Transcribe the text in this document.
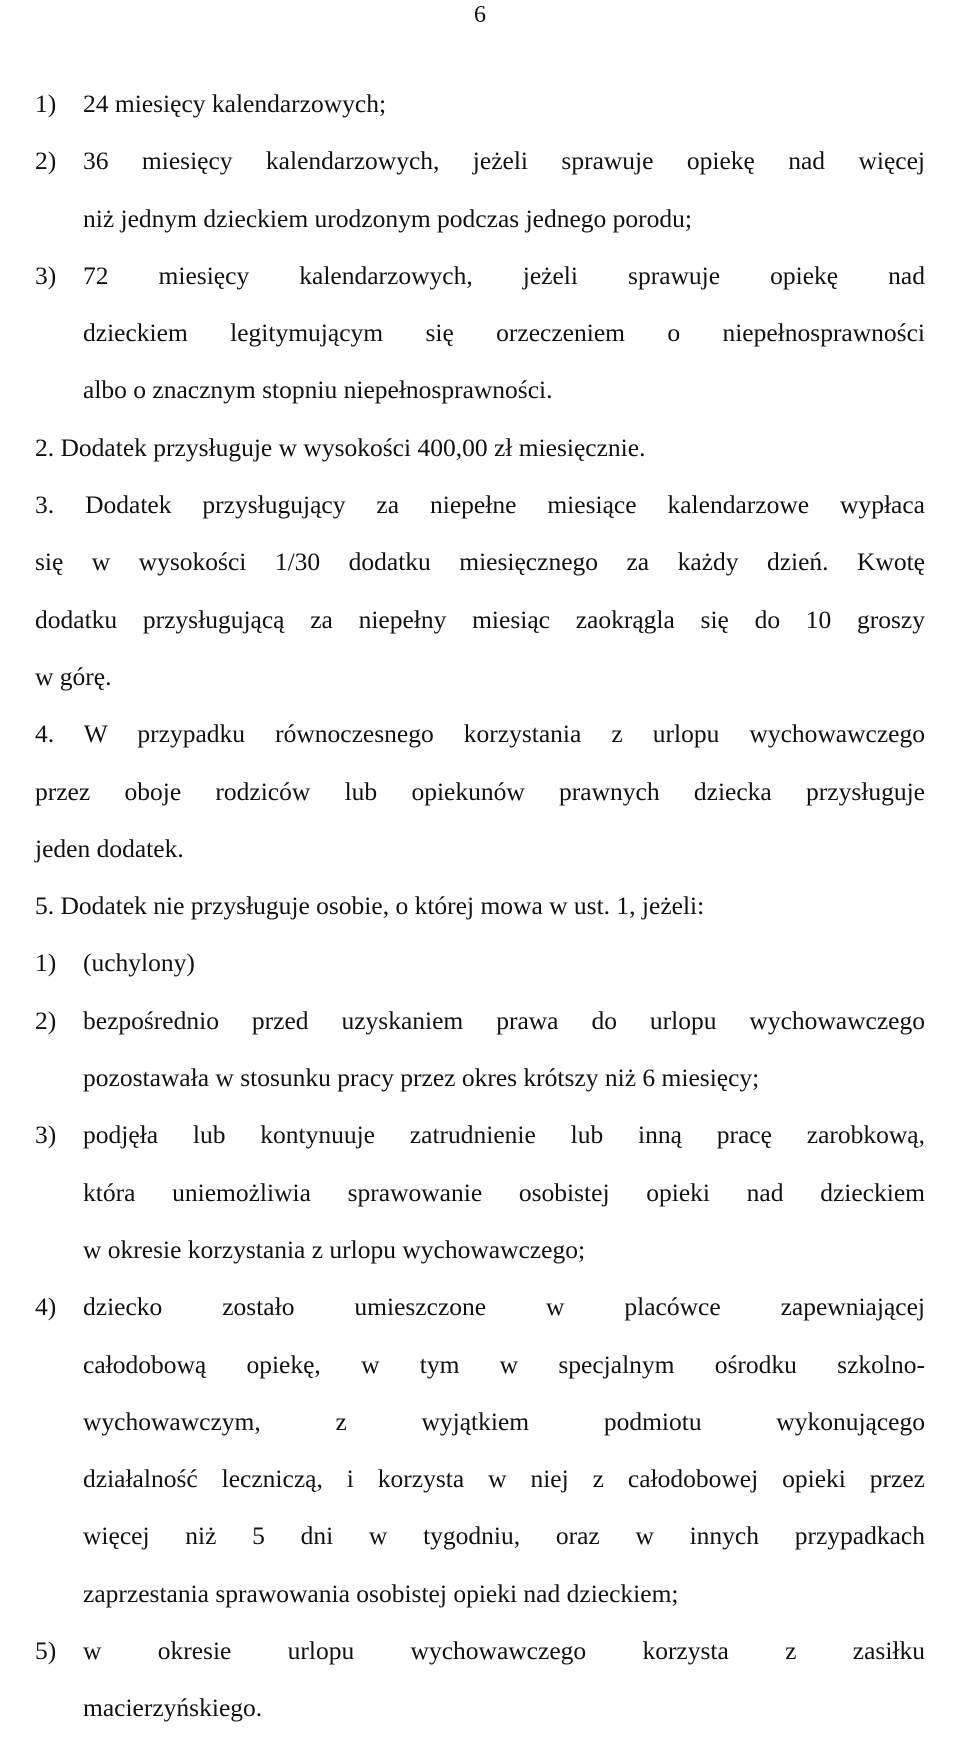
6
1)	24 miesięcy kalendarzowych;
2)	36 miesięcy kalendarzowych, jeżeli sprawuje opiekę nad więcej
niż jednym dzieckiem urodzonym podczas jednego porodu;
3)	72 miesięcy kalendarzowych, jeżeli sprawuje opiekę nad
dzieckiem legitymującym się orzeczeniem o niepełnosprawności
albo o znacznym stopniu niepełnosprawności.
2. Dodatek przysługuje w wysokości 400,00 zł miesięcznie.
3. Dodatek przysługujący za niepełne miesiące kalendarzowe wypłaca
się w wysokości 1/30 dodatku miesięcznego za każdy dzień. Kwotę
dodatku przysługującą za niepełny miesiąc zaokrągla się do 10 groszy
w górę.
4. W przypadku równoczesnego korzystania z urlopu wychowawczego
przez oboje rodziców lub opiekunów prawnych dziecka przysługuje
jeden dodatek.
5. Dodatek nie przysługuje osobie, o której mowa w ust. 1, jeżeli:
1)	(uchylony)
2)	bezpośrednio przed uzyskaniem prawa do urlopu wychowawczego
pozostawała w stosunku pracy przez okres krótszy niż 6 miesięcy;
3)	podjęła lub kontynuuje zatrudnienie lub inną pracę zarobkową,
która uniemożliwia sprawowanie osobistej opieki nad dzieckiem
w okresie korzystania z urlopu wychowawczego;
4)	dziecko zostało umieszczone w placówce zapewniającej
całodobową opiekę, w tym w specjalnym ośrodku szkolno-
wychowawczym, z wyjątkiem podmiotu wykonującego
działalność leczniczą, i korzysta w niej z całodobowej opieki przez
więcej niż 5 dni w tygodniu, oraz w innych przypadkach
zaprzestania sprawowania osobistej opieki nad dzieckiem;
5)	w okresie urlopu wychowawczego korzysta z zasiłku
macierzyńskiego.
